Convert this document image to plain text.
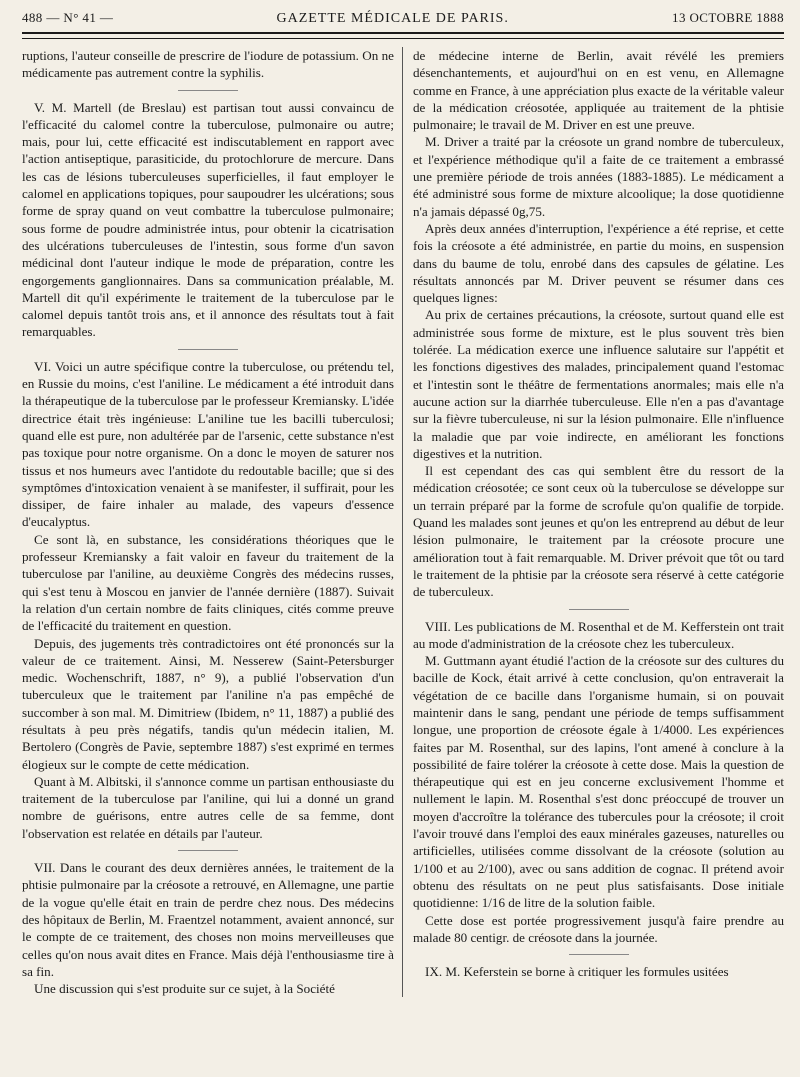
488 — N° 41 —	GAZETTE MÉDICALE DE PARIS.	13 OCTOBRE 1888

ruptions, l'auteur conseille de prescrire de l'iodure de potassium. On ne médicamente pas autrement contre la syphilis.

V. M. Martell (de Breslau) est partisan tout aussi convaincu de l'efficacité du calomel contre la tuberculose, pulmonaire ou autre; mais, pour lui, cette efficacité est indiscutablement en rapport avec l'action antiseptique, parasiticide, du protochlorure de mercure. Dans les cas de lésions tuberculeuses superficielles, il faut employer le calomel en applications topiques, pour saupoudrer les ulcérations; sous forme de spray quand on veut combattre la tuberculose pulmonaire; sous forme de poudre administrée intus, pour obtenir la cicatrisation des ulcérations tuberculeuses de l'intestin, sous forme d'un savon médicinal dont l'auteur indique le mode de préparation, contre les engorgements ganglionnaires. Dans sa communication préalable, M. Martell dit qu'il expérimente le traitement de la tuberculose par le calomel depuis tantôt trois ans, et il annonce des résultats tout à fait remarquables.

VI. Voici un autre spécifique contre la tuberculose, ou prétendu tel, en Russie du moins, c'est l'aniline. Le médicament a été introduit dans la thérapeutique de la tuberculose par le professeur Kremiansky. L'idée directrice était très ingénieuse: L'aniline tue les bacilli tuberculosi; quand elle est pure, non adultérée par de l'arsenic, cette substance n'est pas toxique pour notre organisme. On a donc le moyen de saturer nos tissus et nos humeurs avec l'antidote du redoutable bacille; que si des symptômes d'intoxication venaient à se manifester, il suffirait, pour les dissiper, de faire inhaler au malade, des vapeurs d'essence d'eucalyptus.

Ce sont là, en substance, les considérations théoriques que le professeur Kremiansky a fait valoir en faveur du traitement de la tuberculose par l'aniline, au deuxième Congrès des médecins russes, qui s'est tenu à Moscou en janvier de l'année dernière (1887). Suivait la relation d'un certain nombre de faits cliniques, cités comme preuve de l'efficacité du traitement en question.

Depuis, des jugements très contradictoires ont été prononcés sur la valeur de ce traitement. Ainsi, M. Nesserew (Saint-Petersburger medic. Wochenschrift, 1887, n° 9), a publié l'observation d'un tuberculeux que le traitement par l'aniline n'a pas empêché de succomber à son mal. M. Dimitriew (Ibidem, n° 11, 1887) a publié des résultats à peu près négatifs, tandis qu'un médecin italien, M. Bertolero (Congrès de Pavie, septembre 1887) s'est exprimé en termes élogieux sur le compte de cette médication.

Quant à M. Albitski, il s'annonce comme un partisan enthousiaste du traitement de la tuberculose par l'aniline, qui lui a donné un grand nombre de guérisons, entre autres celle de sa femme, dont l'observation est relatée en détails par l'auteur.

VII. Dans le courant des deux dernières années, le traitement de la phtisie pulmonaire par la créosote a retrouvé, en Allemagne, une partie de la vogue qu'elle était en train de perdre chez nous. Des médecins des hôpitaux de Berlin, M. Fraentzel notamment, avaient annoncé, sur le compte de ce traitement, des choses non moins merveilleuses que celles qu'on nous avait dites en France. Mais déjà l'enthousiasme tire à sa fin.

Une discussion qui s'est produite sur ce sujet, à la Société

de médecine interne de Berlin, avait révélé les premiers désenchantements, et aujourd'hui on en est venu, en Allemagne comme en France, à une appréciation plus exacte de la véritable valeur de la médication créosotée, appliquée au traitement de la phtisie pulmonaire; le travail de M. Driver en est une preuve.

M. Driver a traité par la créosote un grand nombre de tuberculeux, et l'expérience méthodique qu'il a faite de ce traitement a embrassé une première période de trois années (1883-1885). Le médicament a été administré sous forme de mixture alcoolique; la dose quotidienne n'a jamais dépassé 0g,75.

Après deux années d'interruption, l'expérience a été reprise, et cette fois la créosote a été administrée, en partie du moins, en suspension dans du baume de tolu, enrobé dans des capsules de gélatine. Les résultats annoncés par M. Driver peuvent se résumer dans ces quelques lignes:

Au prix de certaines précautions, la créosote, surtout quand elle est administrée sous forme de mixture, est le plus souvent très bien tolérée. La médication exerce une influence salutaire sur l'appétit et les fonctions digestives des malades, principalement quand l'estomac et l'intestin sont le théâtre de fermentations anormales; mais elle n'a aucune action sur la diarrhée tuberculeuse. Elle n'en a pas d'avantage sur la fièvre tuberculeuse, ni sur la lésion pulmonaire. Elle n'influence la maladie que par voie indirecte, en améliorant les fonctions digestives et la nutrition.

Il est cependant des cas qui semblent être du ressort de la médication créosotée; ce sont ceux où la tuberculose se développe sur un terrain préparé par la forme de scrofule qu'on qualifie de torpide. Quand les malades sont jeunes et qu'on les entreprend au début de leur lésion pulmonaire, le traitement par la créosote procure une amélioration tout à fait remarquable. M. Driver prévoit que tôt ou tard le traitement de la phtisie par la créosote sera réservé à cette catégorie de tuberculeux.

VIII. Les publications de M. Rosenthal et de M. Kefferstein ont trait au mode d'administration de la créosote chez les tuberculeux.

M. Guttmann ayant étudié l'action de la créosote sur des cultures du bacille de Kock, était arrivé à cette conclusion, qu'on entraverait la végétation de ce bacille dans l'organisme humain, si on pouvait maintenir dans le sang, pendant une période de temps suffisamment longue, une proportion de créosote égale à 1/4000. Les expériences faites par M. Rosenthal, sur des lapins, l'ont amené à conclure à la possibilité de faire tolérer la créosote à cette dose. Mais la question de thérapeutique qui est en jeu concerne exclusivement l'homme et nullement le lapin. M. Rosenthal s'est donc préoccupé de trouver un moyen d'accroître la tolérance des tubercules pour la créosote; il croit l'avoir trouvé dans l'emploi des eaux minérales gazeuses, naturelles ou artificielles, utilisées comme dissolvant de la créosote (solution au 1/100 et au 2/100), avec ou sans addition de cognac. Il prétend avoir obtenu des résultats on ne peut plus satisfaisants. Dose initiale quotidienne: 1/16 de litre de la solution faible.

Cette dose est portée progressivement jusqu'à faire prendre au malade 80 centigr. de créosote dans la journée.

IX. M. Keferstein se borne à critiquer les formules usitées
